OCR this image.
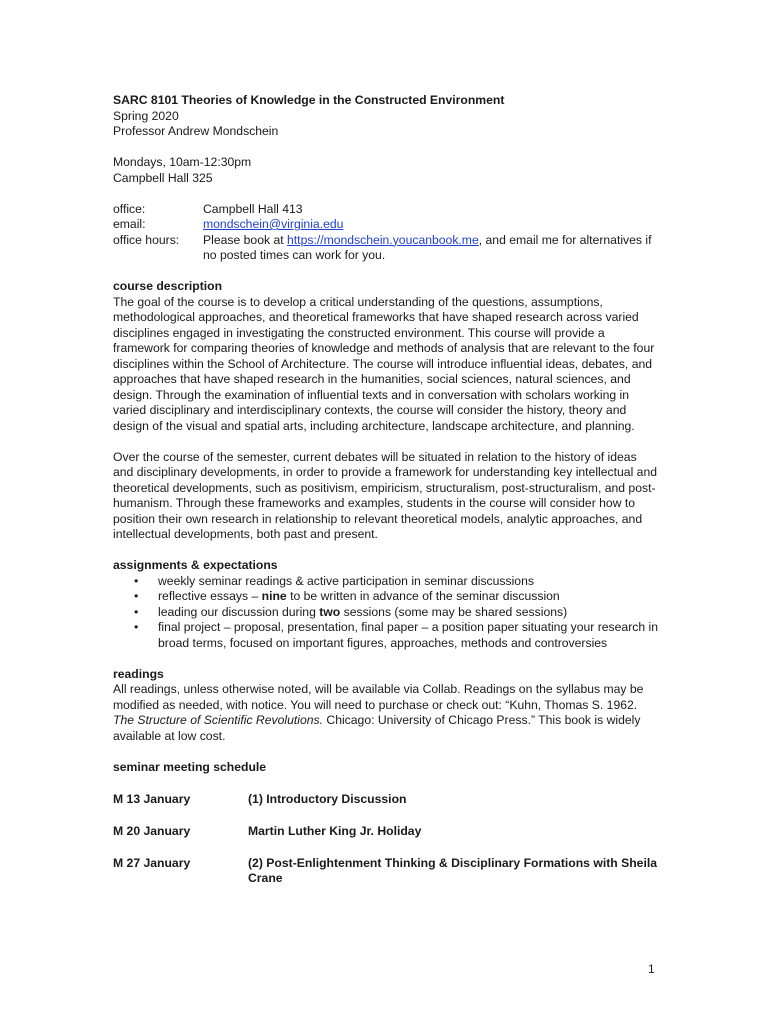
SARC 8101 Theories of Knowledge in the Constructed Environment

Spring 2020

Professor Andrew Mondschein

Mondays, 10am-12:30pm

Campbell Hall 325

office:	Campbell Hall 413
email:	mondschein@virginia.edu
office hours:	Please book at https://mondschein.youcanbook.me, and email me for alternatives if no posted times can work for you.

course description

The goal of the course is to develop a critical understanding of the questions, assumptions, methodological approaches, and theoretical frameworks that have shaped research across varied disciplines engaged in investigating the constructed environment. This course will provide a framework for comparing theories of knowledge and methods of analysis that are relevant to the four disciplines within the School of Architecture. The course will introduce influential ideas, debates, and approaches that have shaped research in the humanities, social sciences, natural sciences, and design. Through the examination of influential texts and in conversation with scholars working in varied disciplinary and interdisciplinary contexts, the course will consider the history, theory and design of the visual and spatial arts, including architecture, landscape architecture, and planning.

Over the course of the semester, current debates will be situated in relation to the history of ideas and disciplinary developments, in order to provide a framework for understanding key intellectual and theoretical developments, such as positivism, empiricism, structuralism, post-structuralism, and post-humanism. Through these frameworks and examples, students in the course will consider how to position their own research in relationship to relevant theoretical models, analytic approaches, and intellectual developments, both past and present.

assignments & expectations

• weekly seminar readings & active participation in seminar discussions
• reflective essays – nine to be written in advance of the seminar discussion
• leading our discussion during two sessions (some may be shared sessions)
• final project – proposal, presentation, final paper – a position paper situating your research in broad terms, focused on important figures, approaches, methods and controversies

readings

All readings, unless otherwise noted, will be available via Collab. Readings on the syllabus may be modified as needed, with notice. You will need to purchase or check out: “Kuhn, Thomas S. 1962. The Structure of Scientific Revolutions. Chicago: University of Chicago Press.” This book is widely available at low cost.

seminar meeting schedule

M 13 January	(1) Introductory Discussion
M 20 January	Martin Luther King Jr. Holiday
M 27 January	(2) Post-Enlightenment Thinking & Disciplinary Formations with Sheila Crane
1
